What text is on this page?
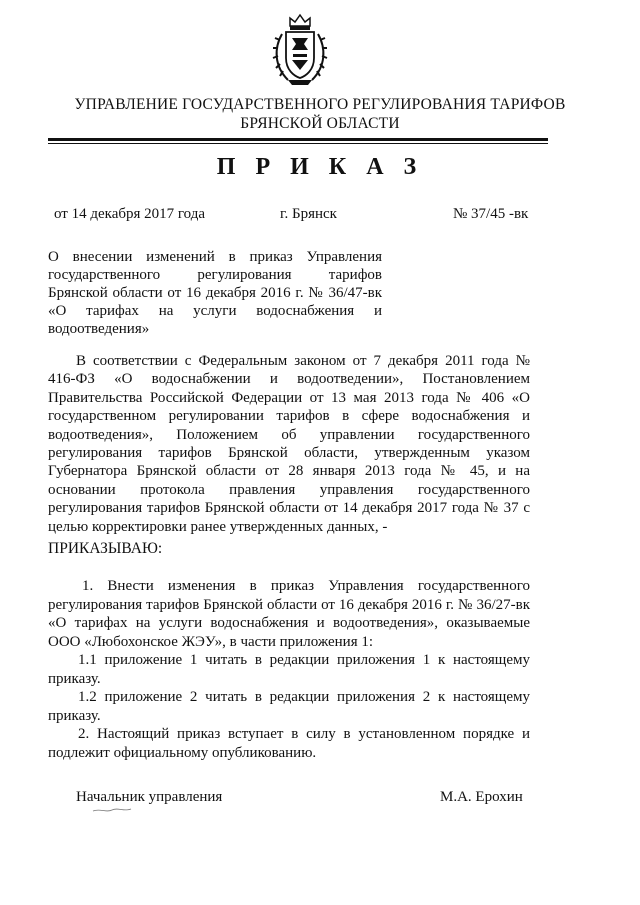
УПРАВЛЕНИЕ ГОСУДАРСТВЕННОГО РЕГУЛИРОВАНИЯ ТАРИФОВ
БРЯНСКОЙ ОБЛАСТИ
П Р И К А З
от 14 декабря 2017 года	г. Брянск	№ 37/45 -вк
О внесении изменений в приказ Управления
государственного регулирования тарифов
Брянской области от 16 декабря 2016 г. № 36/47-вк
«О тарифах на услуги водоснабжения и
водоотведения»
В соответствии с Федеральным законом от 7 декабря 2011 года №
416-ФЗ «О водоснабжении и водоотведении», Постановлением
Правительства Российской Федерации от 13 мая 2013 года № 406 «О
государственном регулировании тарифов в сфере водоснабжения и
водоотведения», Положением об управлении государственного
регулирования тарифов Брянской области, утвержденным указом
Губернатора Брянской области от 28 января 2013 года № 45, и на
основании протокола правления управления государственного
регулирования тарифов Брянской области от 14 декабря 2017 года № 37 с
целью корректировки ранее утвержденных данных, -
ПРИКАЗЫВАЮ:
1. Внести изменения в приказ Управления государственного
регулирования тарифов Брянской области от 16 декабря 2016 г. № 36/27-вк
«О тарифах на услуги водоснабжения и водоотведения», оказываемые
ООО «Любохонское ЖЭУ», в части приложения 1:
1.1 приложение 1 читать в редакции приложения 1 к настоящему
приказу.
1.2 приложение 2 читать в редакции приложения 2 к настоящему
приказу.
2. Настоящий приказ вступает в силу в установленном порядке и
подлежит официальному опубликованию.
Начальник управления	М.А. Ерохин
